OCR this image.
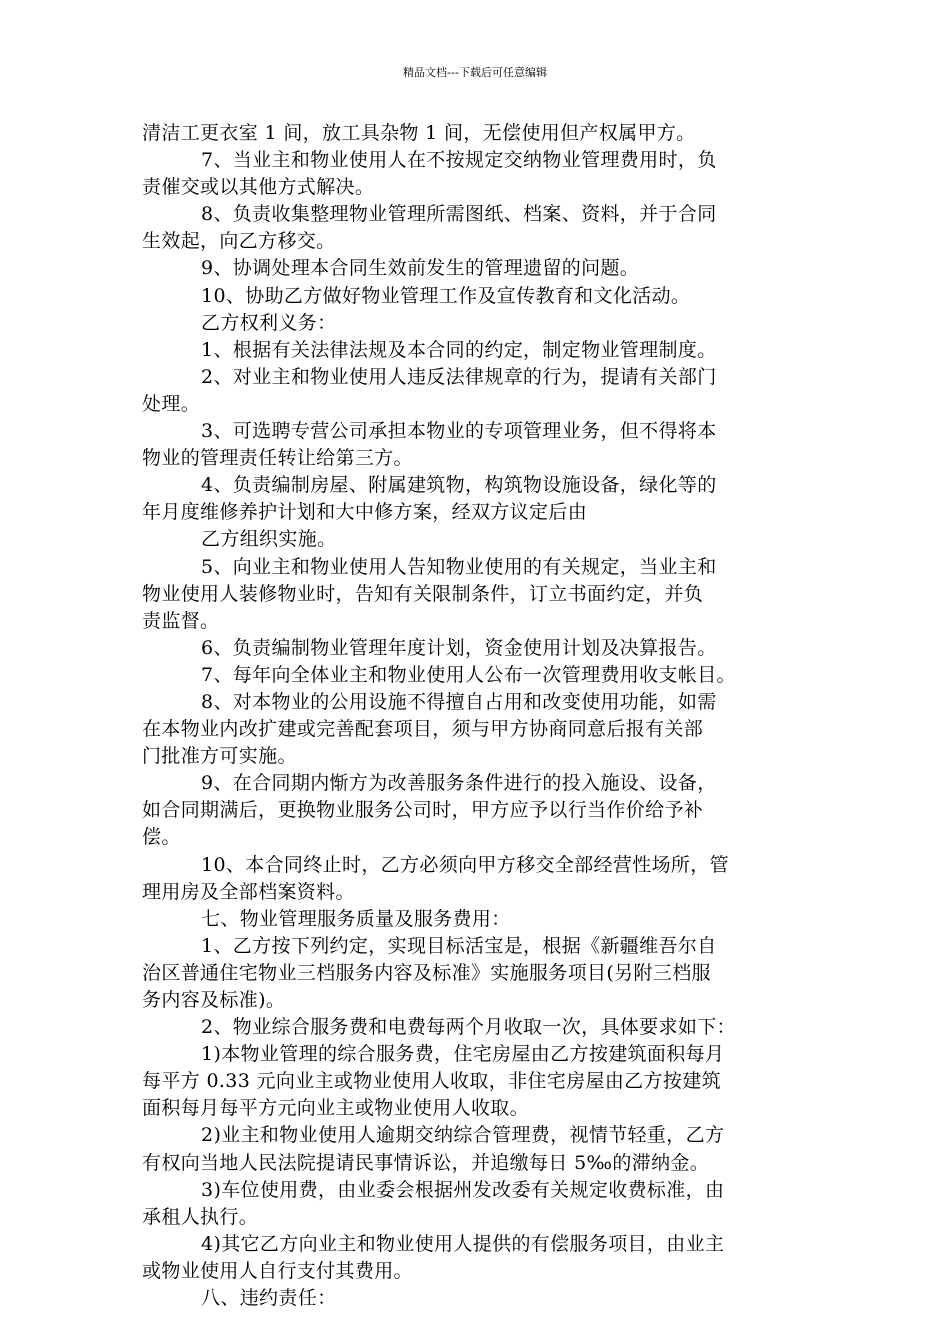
精品文档---下载后可任意编辑
清洁工更衣室 1 间，放工具杂物 1 间，无偿使用但产权属甲方。
7、当业主和物业使用人在不按规定交纳物业管理费用时，负
责催交或以其他方式解决。
8、负责收集整理物业管理所需图纸、档案、资料，并于合同
生效起，向乙方移交。
9、协调处理本合同生效前发生的管理遗留的问题。
10、协助乙方做好物业管理工作及宣传教育和文化活动。
乙方权利义务：
1、根据有关法律法规及本合同的约定，制定物业管理制度。
2、对业主和物业使用人违反法律规章的行为，提请有关部门
处理。
3、可选聘专营公司承担本物业的专项管理业务，但不得将本
物业的管理责任转让给第三方。
4、负责编制房屋、附属建筑物，构筑物设施设备，绿化等的
年月度维修养护计划和大中修方案，经双方议定后由
乙方组织实施。
5、向业主和物业使用人告知物业使用的有关规定，当业主和
物业使用人装修物业时，告知有关限制条件，订立书面约定，并负
责监督。
6、负责编制物业管理年度计划，资金使用计划及决算报告。
7、每年向全体业主和物业使用人公布一次管理费用收支帐目。
8、对本物业的公用设施不得擅自占用和改变使用功能，如需
在本物业内改扩建或完善配套项目，须与甲方协商同意后报有关部
门批准方可实施。
9、在合同期内惭方为改善服务条件进行的投入施设、设备，
如合同期满后，更换物业服务公司时，甲方应予以行当作价给予补
偿。
10、本合同终止时，乙方必须向甲方移交全部经营性场所，管
理用房及全部档案资料。
七、物业管理服务质量及服务费用：
1、乙方按下列约定，实现目标活宝是，根据《新疆维吾尔自
治区普通住宅物业三档服务内容及标准》实施服务项目(另附三档服
务内容及标准)。
2、物业综合服务费和电费每两个月收取一次，具体要求如下：
1)本物业管理的综合服务费，住宅房屋由乙方按建筑面积每月
每平方 0.33 元向业主或物业使用人收取，非住宅房屋由乙方按建筑
面积每月每平方元向业主或物业使用人收取。
2)业主和物业使用人逾期交纳综合管理费，视情节轻重，乙方
有权向当地人民法院提请民事情诉讼，并追缴每日 5‰的滞纳金。
3)车位使用费，由业委会根据州发改委有关规定收费标准，由
承租人执行。
4)其它乙方向业主和物业使用人提供的有偿服务项目，由业主
或物业使用人自行支付其费用。
八、违约责任：
